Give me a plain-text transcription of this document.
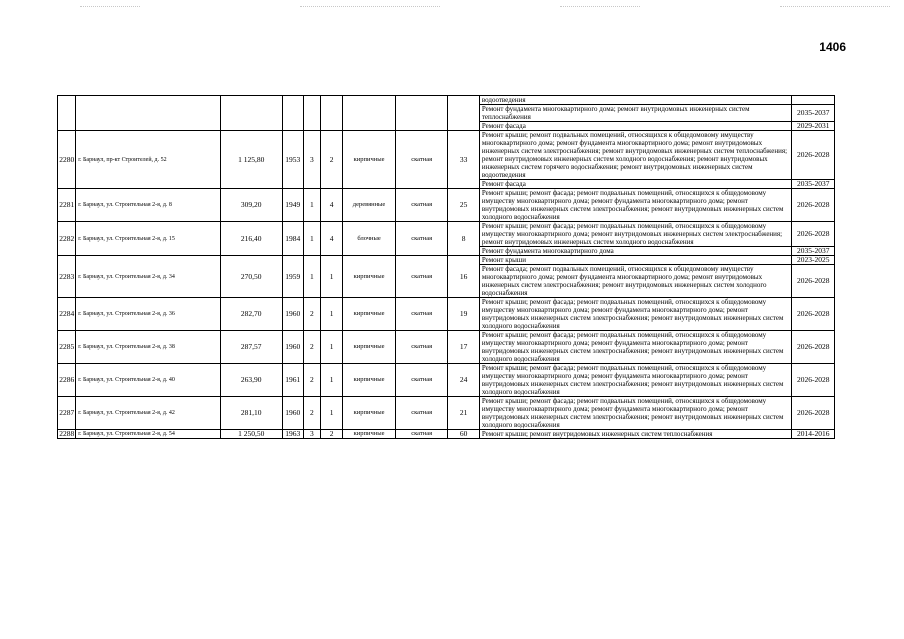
1406
									водоотведения	
									Ремонт фундамента многоквартирного дома; ремонт внутридомовых инженерных систем теплоснабжения	2035-2037
									Ремонт фасада	2029-2031
2280	г. Барнаул, пр-кт Строителей, д. 52	1 125,80	1953	3	2	кирпичные	скатная	33	Ремонт крыши; ремонт подвальных помещений, относящихся к общедомовому имуществу многоквартирного дома; ремонт фундамента многоквартирного дома; ремонт внутридомовых инженерных систем электроснабжения; ремонт внутридомовых инженерных систем теплоснабжения; ремонт внутридомовых инженерных систем холодного водоснабжения; ремонт внутридомовых инженерных систем горячего водоснабжения; ремонт внутридомовых инженерных систем водоотведения	2026-2028
									Ремонт фасада	2035-2037
2281	г. Барнаул, ул. Строительная 2-я, д. 8	309,20	1949	1	4	деревянные	скатная	25	Ремонт крыши; ремонт фасада; ремонт подвальных помещений, относящихся к общедомовому имуществу многоквартирного дома; ремонт фундамента многоквартирного дома; ремонт внутридомовых инженерных систем электроснабжения; ремонт внутридомовых инженерных систем холодного водоснабжения	2026-2028
2282	г. Барнаул, ул. Строительная 2-я, д. 15	216,40	1984	1	4	блочные	скатная	8	Ремонт крыши; ремонт фасада; ремонт подвальных помещений, относящихся к общедомовому имуществу многоквартирного дома; ремонт внутридомовых инженерных систем электроснабжения; ремонт внутридомовых инженерных систем холодного водоснабжения	2026-2028
									Ремонт фундамента многоквартирного дома	2035-2037
2283	г. Барнаул, ул. Строительная 2-я, д. 34	270,50	1959	1	1	кирпичные	скатная	16	Ремонт крыши	2023-2025
									Ремонт фасада; ремонт подвальных помещений, относящихся к общедомовому имуществу многоквартирного дома; ремонт фундамента многоквартирного дома; ремонт внутридомовых инженерных систем электроснабжения; ремонт внутридомовых инженерных систем холодного водоснабжения	2026-2028
2284	г. Барнаул, ул. Строительная 2-я, д. 36	282,70	1960	2	1	кирпичные	скатная	19	Ремонт крыши; ремонт фасада; ремонт подвальных помещений, относящихся к общедомовому имуществу многоквартирного дома; ремонт фундамента многоквартирного дома; ремонт внутридомовых инженерных систем электроснабжения; ремонт внутридомовых инженерных систем холодного водоснабжения	2026-2028
2285	г. Барнаул, ул. Строительная 2-я, д. 38	287,57	1960	2	1	кирпичные	скатная	17	Ремонт крыши; ремонт фасада; ремонт подвальных помещений, относящихся к общедомовому имуществу многоквартирного дома; ремонт фундамента многоквартирного дома; ремонт внутридомовых инженерных систем электроснабжения; ремонт внутридомовых инженерных систем холодного водоснабжения	2026-2028
2286	г. Барнаул, ул. Строительная 2-я, д. 40	263,90	1961	2	1	кирпичные	скатная	24	Ремонт крыши; ремонт фасада; ремонт подвальных помещений, относящихся к общедомовому имуществу многоквартирного дома; ремонт фундамента многоквартирного дома; ремонт внутридомовых инженерных систем электроснабжения; ремонт внутридомовых инженерных систем холодного водоснабжения	2026-2028
2287	г. Барнаул, ул. Строительная 2-я, д. 42	281,10	1960	2	1	кирпичные	скатная	21	Ремонт крыши; ремонт фасада; ремонт подвальных помещений, относящихся к общедомовому имуществу многоквартирного дома; ремонт фундамента многоквартирного дома; ремонт внутридомовых инженерных систем электроснабжения; ремонт внутридомовых инженерных систем холодного водоснабжения	2026-2028
2288	г. Барнаул, ул. Строительная 2-я, д. 54	1 250,50	1963	3	2	кирпичные	скатная	60	Ремонт крыши; ремонт внутридомовых инженерных систем теплоснабжения	2014-2016
